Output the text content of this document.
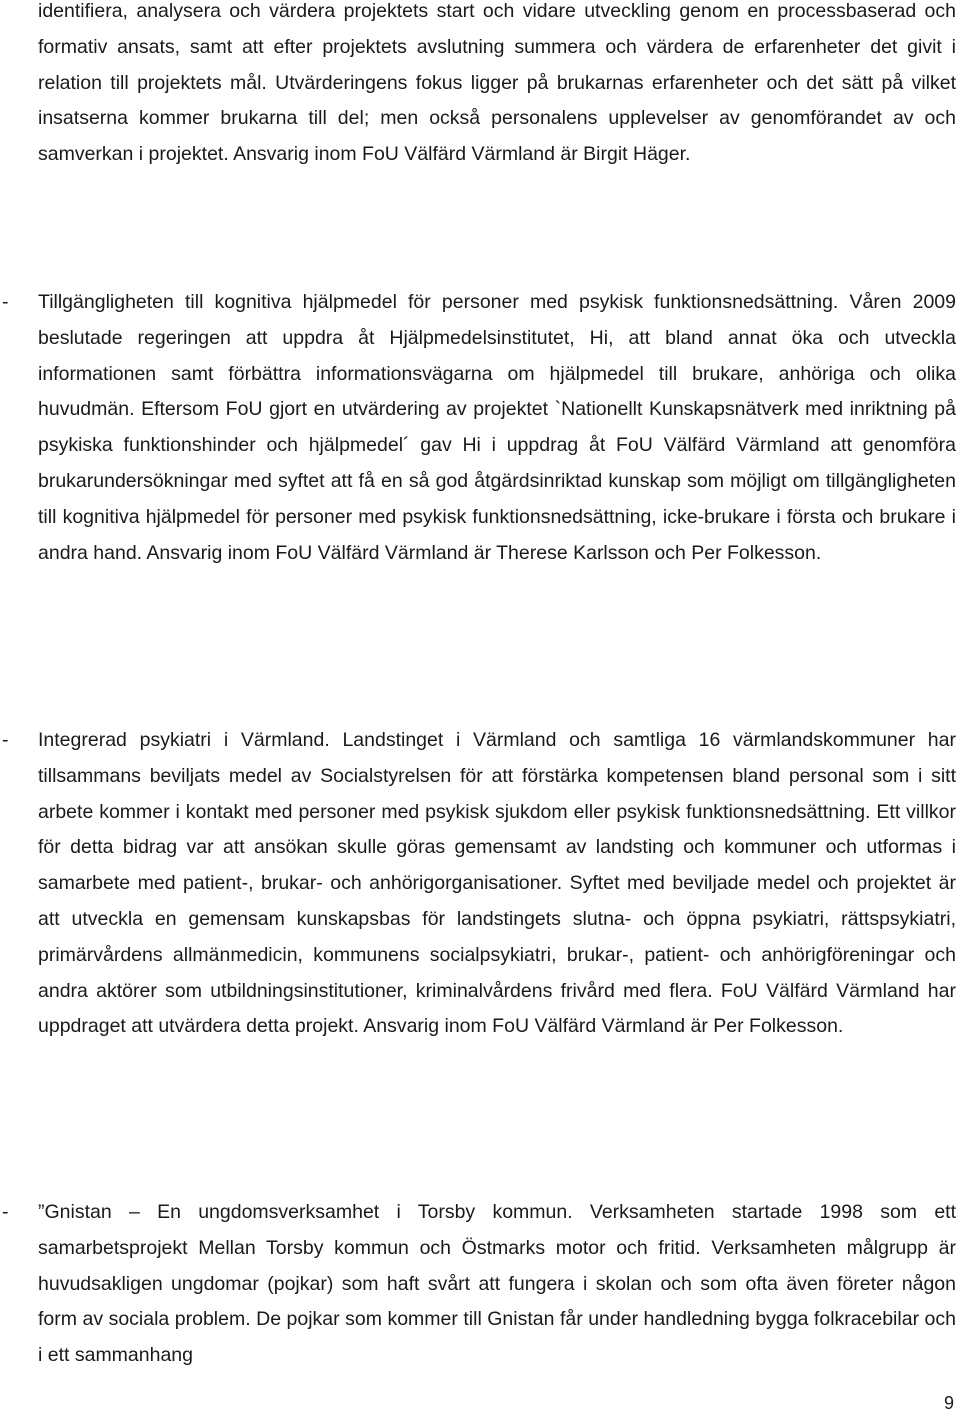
identifiera, analysera och värdera projektets start och vidare utveckling genom en processbaserad och formativ ansats, samt att efter projektets avslutning summera och värdera de erfarenheter det givit i relation till projektets mål. Utvärderingens fokus ligger på brukarnas erfarenheter och det sätt på vilket insatserna kommer brukarna till del; men också personalens upplevelser av genomförandet av och samverkan i projektet. Ansvarig inom FoU Välfärd Värmland är Birgit Häger.

- Tillgängligheten till kognitiva hjälpmedel för personer med psykisk funktionsnedsättning. Våren 2009 beslutade regeringen att uppdra åt Hjälpmedelsinstitutet, Hi, att bland annat öka och utveckla informationen samt förbättra informationsvägarna om hjälpmedel till brukare, anhöriga och olika huvudmän. Eftersom FoU gjort en utvärdering av projektet `Nationellt Kunskapsnätverk med inriktning på psykiska funktionshinder och hjälpmedel´ gav Hi i uppdrag åt FoU Välfärd Värmland att genomföra brukarundersökningar med syftet att få en så god åtgärdsinriktad kunskap som möjligt om tillgängligheten till kognitiva hjälpmedel för personer med psykisk funktionsnedsättning, icke-brukare i första och brukare i andra hand. Ansvarig inom FoU Välfärd Värmland är Therese Karlsson och Per Folkesson.
- Integrerad psykiatri i Värmland. Landstinget i Värmland och samtliga 16 värmlandskommuner har tillsammans beviljats medel av Socialstyrelsen för att förstärka kompetensen bland personal som i sitt arbete kommer i kontakt med personer med psykisk sjukdom eller psykisk funktionsnedsättning. Ett villkor för detta bidrag var att ansökan skulle göras gemensamt av landsting och kommuner och utformas i samarbete med patient-, brukar- och anhörigorganisationer. Syftet med beviljade medel och projektet är att utveckla en gemensam kunskapsbas för landstingets slutna- och öppna psykiatri, rättspsykiatri, primärvårdens allmänmedicin, kommunens socialpsykiatri, brukar-, patient- och anhörigföreningar och andra aktörer som utbildningsinstitutioner, kriminalvårdens frivård med flera. FoU Välfärd Värmland har uppdraget att utvärdera detta projekt. Ansvarig inom FoU Välfärd Värmland är Per Folkesson.
- ”Gnistan – En ungdomsverksamhet i Torsby kommun. Verksamheten startade 1998 som ett samarbetsprojekt Mellan Torsby kommun och Östmarks motor och fritid. Verksamheten målgrupp är huvudsakligen ungdomar (pojkar) som haft svårt att fungera i skolan och som ofta även företer någon form av sociala problem. De pojkar som kommer till Gnistan får under handledning bygga folkracebilar och i ett sammanhang
9
